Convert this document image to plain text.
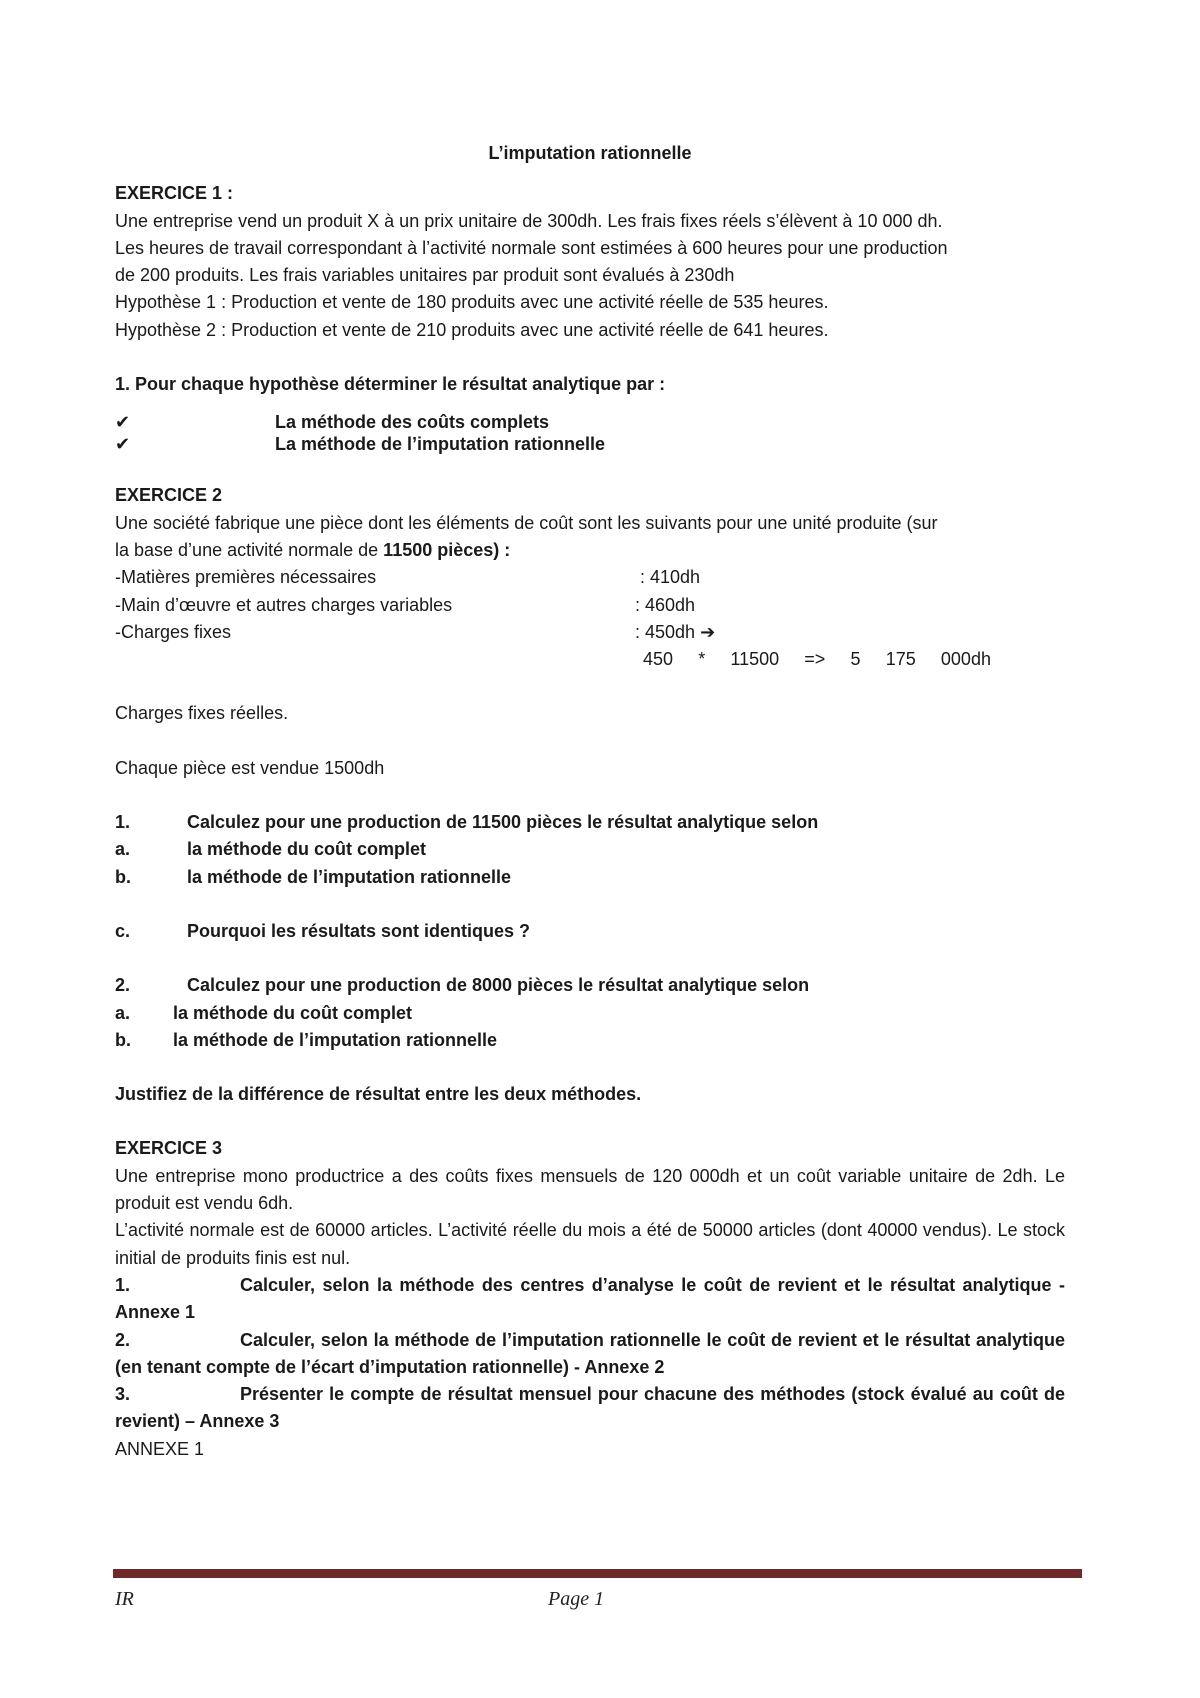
L’imputation rationnelle

EXERCICE 1 :

Une entreprise vend un produit X à un prix unitaire de 300dh. Les frais fixes réels s’élèvent à 10 000 dh.

Les heures de travail correspondant à l’activité normale sont estimées à 600 heures pour une production

de 200 produits. Les frais variables unitaires par produit sont évalués à 230dh

Hypothèse 1 : Production et vente de 180 produits avec une activité réelle de 535 heures.

Hypothèse 2 : Production et vente de 210 produits avec une activité réelle de 641 heures.

1. Pour chaque hypothèse déterminer le résultat analytique par :

✔	La méthode des coûts complets
✔	La méthode de l’imputation rationnelle

EXERCICE 2

Une société fabrique une pièce dont les éléments de coût sont les suivants pour une unité produite (sur

la base d’une activité normale de 11500 pièces) :

-Matières premières nécessaires	: 410dh
-Main d’œuvre et autres charges variables	: 460dh
-Charges fixes	: 450dh ➔
450 * 11500 => 5 175 000dh

Charges fixes réelles.

Chaque pièce est vendue 1500dh

1.	Calculez pour une production de 11500 pièces le résultat analytique selon
a.	la méthode du coût complet
b.	la méthode de l’imputation rationnelle
c.	Pourquoi les résultats sont identiques ?
2.	Calculez pour une production de 8000 pièces le résultat analytique selon
a.	la méthode du coût complet
b.	la méthode de l’imputation rationnelle

Justifiez de la différence de résultat entre les deux méthodes.

EXERCICE 3

Une entreprise mono productrice a des coûts fixes mensuels de 120 000dh et un coût variable unitaire de 2dh. Le produit est vendu 6dh.

L’activité normale est de 60000 articles. L’activité réelle du mois a été de 50000 articles (dont 40000 vendus). Le stock initial de produits finis est nul.

1.	Calculer, selon la méthode des centres d’analyse le coût de revient et le résultat analytique -Annexe 1

2.	Calculer, selon la méthode de l’imputation rationnelle le coût de revient et le résultat analytique (en tenant compte de l’écart d’imputation rationnelle) - Annexe 2

3.	Présenter le compte de résultat mensuel pour chacune des méthodes (stock évalué au coût de revient) – Annexe 3

ANNEXE 1

IR	Page 1
